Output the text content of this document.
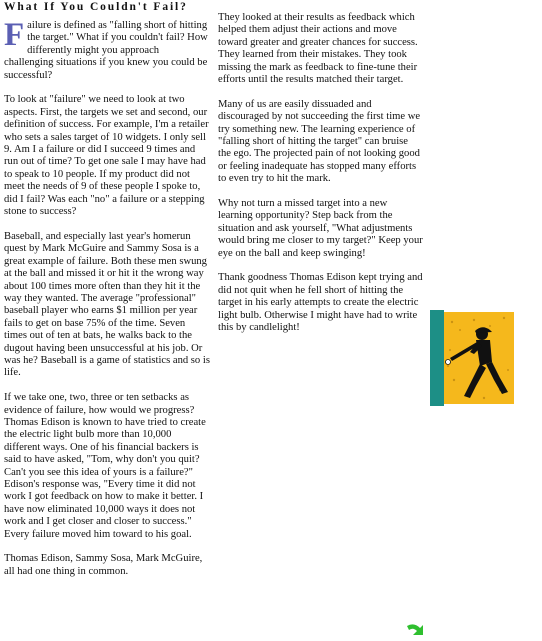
What If You Couldn't Fail?

Failure is defined as "falling short of hitting the target." What if you couldn't fail? How differently might you approach challenging situations if you knew you could be successful?

To look at "failure" we need to look at two aspects. First, the targets we set and second, our definition of success. For example, I'm a retailer who sets a sales target of 10 widgets. I only sell 9. Am I a failure or did I succeed 9 times and run out of time? To get one sale I may have had to speak to 10 people. If my product did not meet the needs of 9 of these people I spoke to, did I fail? Was each "no" a failure or a stepping stone to success?

Baseball, and especially last year's homerun quest by Mark McGuire and Sammy Sosa is a great example of failure. Both these men swung at the ball and missed it or hit it the wrong way about 100 times more often than they hit it the way they wanted. The average "professional" baseball player who earns $1 million per year fails to get on base 75% of the time. Seven times out of ten at bats, he walks back to the dugout having been unsuccessful at his job. Or was he? Baseball is a game of statistics and so is life.

If we take one, two, three or ten setbacks as evidence of failure, how would we progress? Thomas Edison is known to have tried to create the electric light bulb more than 10,000 different ways. One of his financial backers is said to have asked, "Tom, why don't you quit? Can't you see this idea of yours is a failure?" Edison's response was, "Every time it did not work I got feedback on how to make it better. I have now eliminated 10,000 ways it does not work and I get closer and closer to success." Every failure moved him toward to his goal.

Thomas Edison, Sammy Sosa, Mark McGuire, all had one thing in common.

They looked at their results as feedback which helped them adjust their actions and move toward greater and greater chances for success. They learned from their mistakes. They took missing the mark as feedback to fine-tune their efforts until the results matched their target.

Many of us are easily dissuaded and discouraged by not succeeding the first time we try something new. The learning experience of "falling short of hitting the target" can bruise the ego. The projected pain of not looking good or feeling inadequate has stopped many efforts to even try to hit the mark.

Why not turn a missed target into a new learning opportunity? Step back from the situation and ask yourself, "What adjustments would bring me closer to my target?" Keep your eye on the ball and keep swinging!

Thank goodness Thomas Edison kept trying and did not quit when he fell short of hitting the target in his early attempts to create the electric light bulb. Otherwise I might have had to write this by candlelight!
